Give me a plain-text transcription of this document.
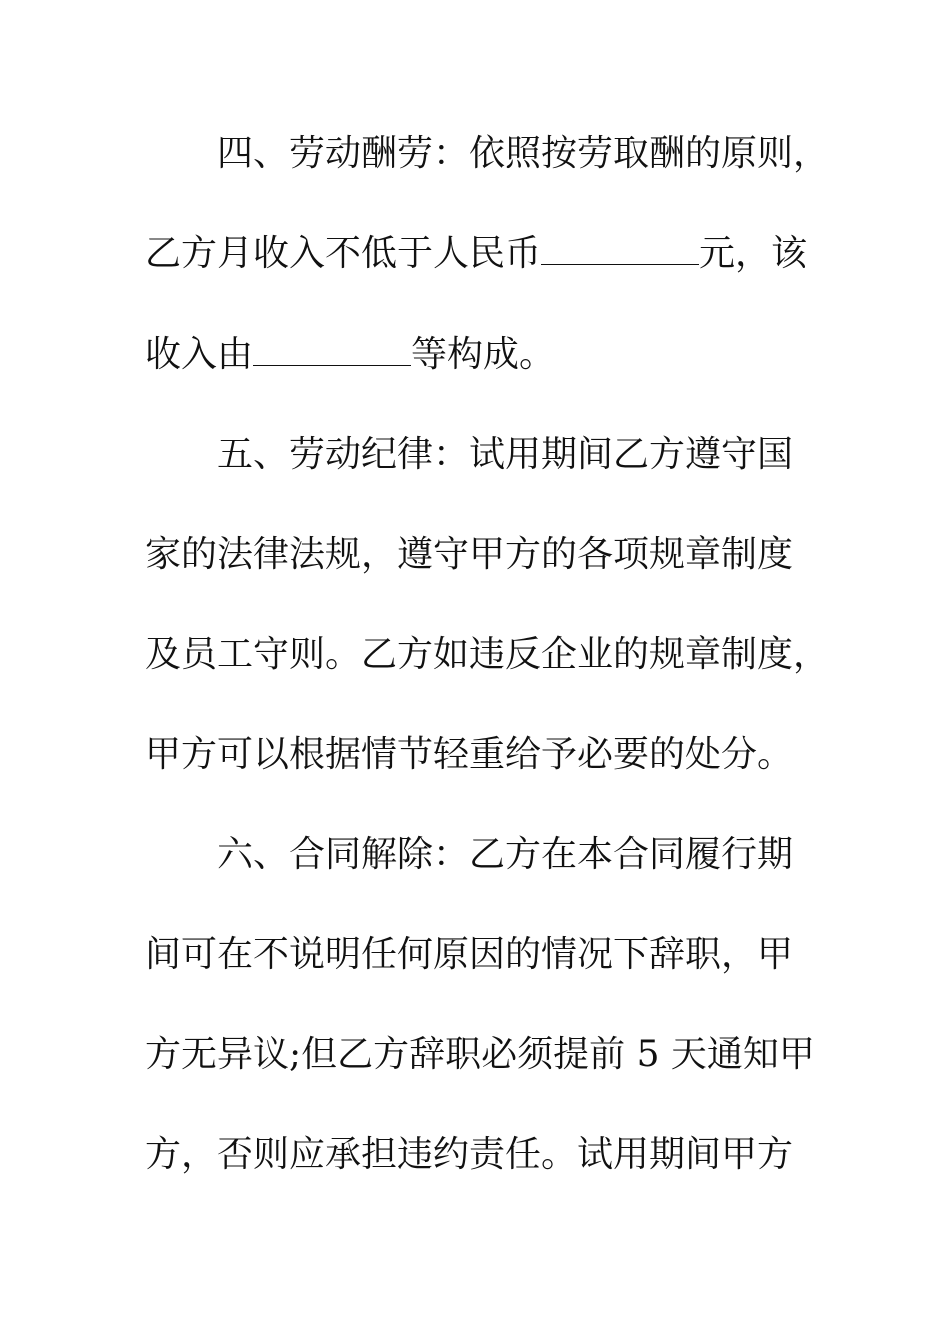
四、劳动酬劳：依照按劳取酬的原则，
乙方月收入不低于人民币	元，该
收入由	等构成。
五、劳动纪律：试用期间乙方遵守国
家的法律法规，遵守甲方的各项规章制度
及员工守则。乙方如违反企业的规章制度，
甲方可以根据情节轻重给予必要的处分。
六、合同解除：乙方在本合同履行期
间可在不说明任何原因的情况下辞职，甲
方无异议;但乙方辞职必须提前 5 天通知甲
方，否则应承担违约责任。试用期间甲方
